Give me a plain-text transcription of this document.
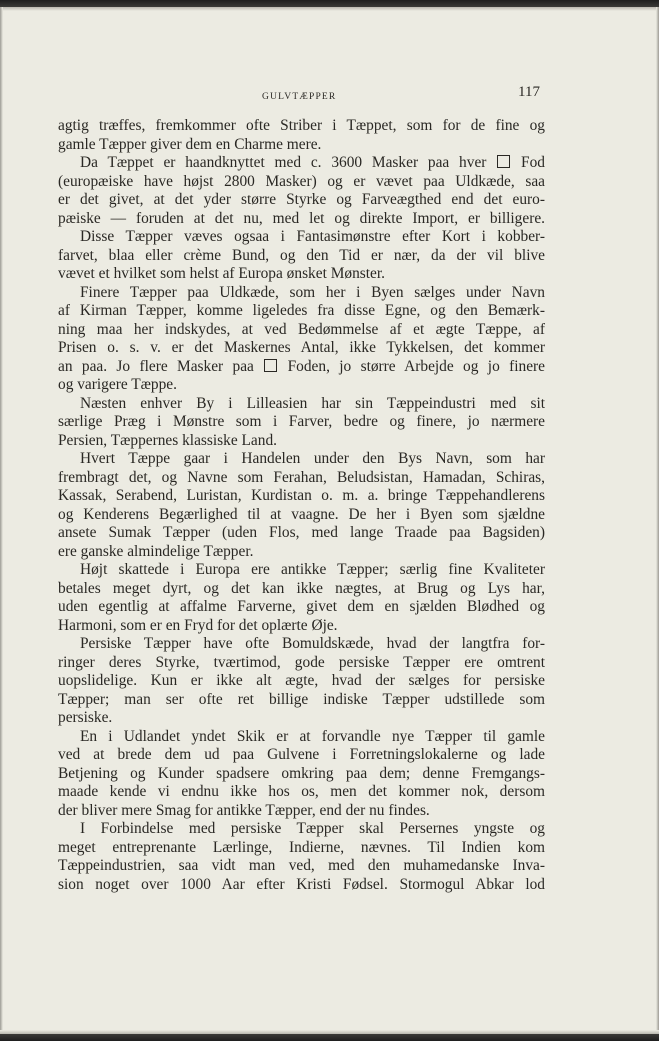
GULVTÆPPER	117
agtig træffes, fremkommer ofte Striber i Tæppet, som for de fine og
gamle Tæpper giver dem en Charme mere.
Da Tæppet er haandknyttet med c. 3600 Masker paa hver Fod
(europæiske have højst 2800 Masker) og er vævet paa Uldkæde, saa
er det givet, at det yder større Styrke og Farveægthed end det euro-
pæiske — foruden at det nu, med let og direkte Import, er billigere.
Disse Tæpper væves ogsaa i Fantasimønstre efter Kort i kobber-
farvet, blaa eller crème Bund, og den Tid er nær, da der vil blive
vævet et hvilket som helst af Europa ønsket Mønster.
Finere Tæpper paa Uldkæde, som her i Byen sælges under Navn
af Kirman Tæpper, komme ligeledes fra disse Egne, og den Bemærk-
ning maa her indskydes, at ved Bedømmelse af et ægte Tæppe, af
Prisen o. s. v. er det Maskernes Antal, ikke Tykkelsen, det kommer
an paa. Jo flere Masker paa Foden, jo større Arbejde og jo finere
og varigere Tæppe.
Næsten enhver By i Lilleasien har sin Tæppeindustri med sit
særlige Præg i Mønstre som i Farver, bedre og finere, jo nærmere
Persien, Tæppernes klassiske Land.
Hvert Tæppe gaar i Handelen under den Bys Navn, som har
frembragt det, og Navne som Ferahan, Beludsistan, Hamadan, Schiras,
Kassak, Serabend, Luristan, Kurdistan o. m. a. bringe Tæppehandlerens
og Kenderens Begærlighed til at vaagne. De her i Byen som sjældne
ansete Sumak Tæpper (uden Flos, med lange Traade paa Bagsiden)
ere ganske almindelige Tæpper.
Højt skattede i Europa ere antikke Tæpper; særlig fine Kvaliteter
betales meget dyrt, og det kan ikke nægtes, at Brug og Lys har,
uden egentlig at affalme Farverne, givet dem en sjælden Blødhed og
Harmoni, som er en Fryd for det oplærte Øje.
Persiske Tæpper have ofte Bomuldskæde, hvad der langtfra for-
ringer deres Styrke, tværtimod, gode persiske Tæpper ere omtrent
uopslidelige. Kun er ikke alt ægte, hvad der sælges for persiske
Tæpper; man ser ofte ret billige indiske Tæpper udstillede som
persiske.
En i Udlandet yndet Skik er at forvandle nye Tæpper til gamle
ved at brede dem ud paa Gulvene i Forretningslokalerne og lade
Betjening og Kunder spadsere omkring paa dem; denne Fremgangs-
maade kende vi endnu ikke hos os, men det kommer nok, dersom
der bliver mere Smag for antikke Tæpper, end der nu findes.
I Forbindelse med persiske Tæpper skal Persernes yngste og
meget entreprenante Lærlinge, Indierne, nævnes. Til Indien kom
Tæppeindustrien, saa vidt man ved, med den muhamedanske Inva-
sion noget over 1000 Aar efter Kristi Fødsel. Stormogul Abkar lod
